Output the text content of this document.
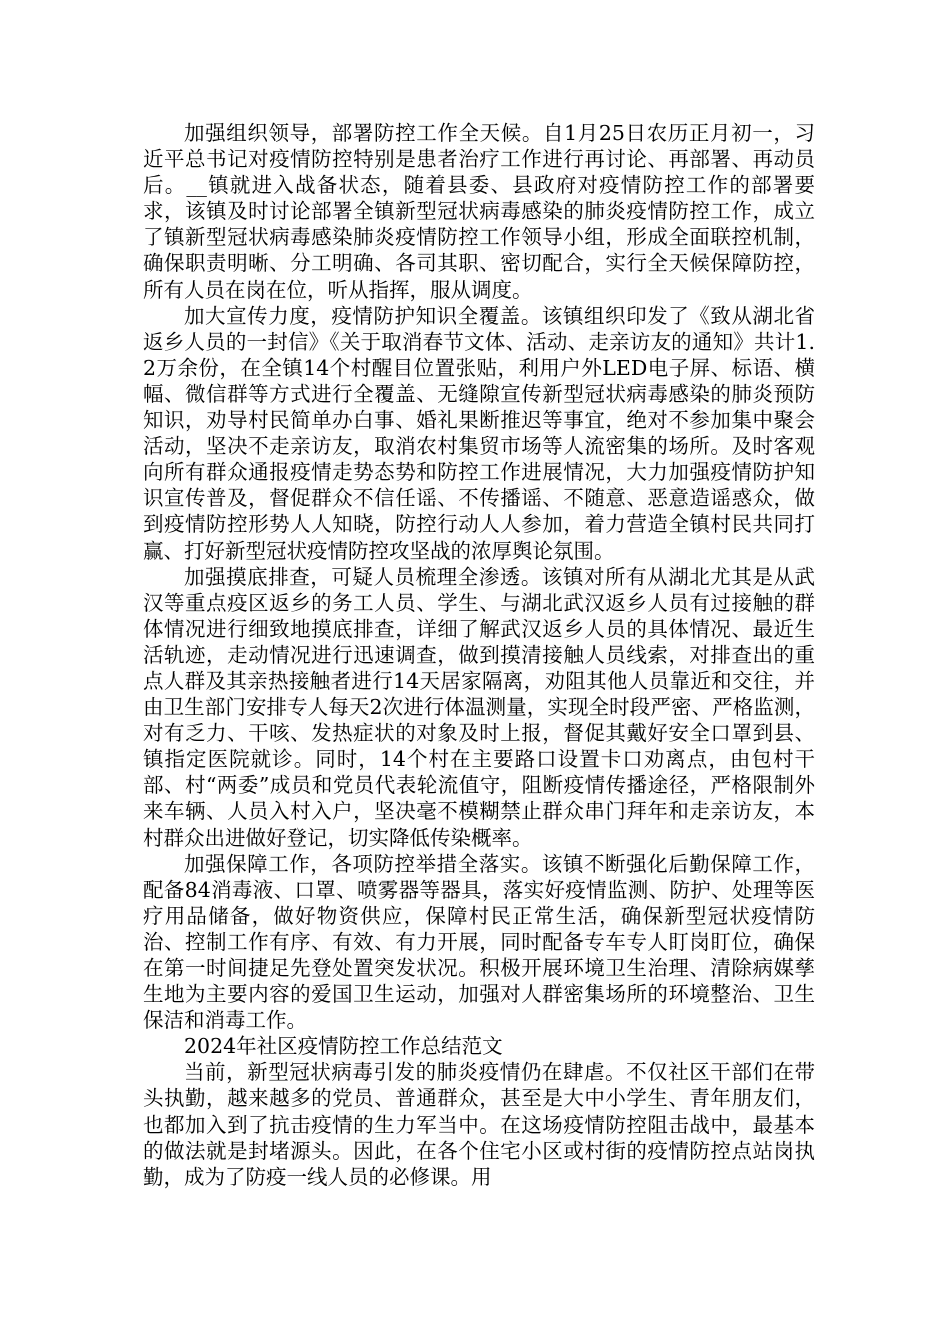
加强组织领导，部署防控工作全天候。自1月25日农历正月初一，习近平总书记对疫情防控特别是患者治疗工作进行再讨论、再部署、再动员后。__镇就进入战备状态，随着县委、县政府对疫情防控工作的部署要求，该镇及时讨论部署全镇新型冠状病毒感染的肺炎疫情防控工作，成立了镇新型冠状病毒感染肺炎疫情防控工作领导小组，形成全面联控机制，确保职责明晰、分工明确、各司其职、密切配合，实行全天候保障防控，所有人员在岗在位，听从指挥，服从调度。

加大宣传力度，疫情防护知识全覆盖。该镇组织印发了《致从湖北省返乡人员的一封信》《关于取消春节文体、活动、走亲访友的通知》共计1.2万余份，在全镇14个村醒目位置张贴，利用户外LED电子屏、标语、横幅、微信群等方式进行全覆盖、无缝隙宣传新型冠状病毒感染的肺炎预防知识，劝导村民简单办白事、婚礼果断推迟等事宜，绝对不参加集中聚会活动，坚决不走亲访友，取消农村集贸市场等人流密集的场所。及时客观向所有群众通报疫情走势态势和防控工作进展情况，大力加强疫情防护知识宣传普及，督促群众不信任谣、不传播谣、不随意、恶意造谣惑众，做到疫情防控形势人人知晓，防控行动人人参加，着力营造全镇村民共同打赢、打好新型冠状疫情防控攻坚战的浓厚舆论氛围。

加强摸底排查，可疑人员梳理全渗透。该镇对所有从湖北尤其是从武汉等重点疫区返乡的务工人员、学生、与湖北武汉返乡人员有过接触的群体情况进行细致地摸底排查，详细了解武汉返乡人员的具体情况、最近生活轨迹，走动情况进行迅速调查，做到摸清接触人员线索，对排查出的重点人群及其亲热接触者进行14天居家隔离，劝阻其他人员靠近和交往，并由卫生部门安排专人每天2次进行体温测量，实现全时段严密、严格监测，对有乏力、干咳、发热症状的对象及时上报，督促其戴好安全口罩到县、镇指定医院就诊。同时，14个村在主要路口设置卡口劝离点，由包村干部、村“两委”成员和党员代表轮流值守，阻断疫情传播途径，严格限制外来车辆、人员入村入户，坚决毫不模糊禁止群众串门拜年和走亲访友，本村群众出进做好登记，切实降低传染概率。

加强保障工作，各项防控举措全落实。该镇不断强化后勤保障工作，配备84消毒液、口罩、喷雾器等器具，落实好疫情监测、防护、处理等医疗用品储备，做好物资供应，保障村民正常生活，确保新型冠状疫情防治、控制工作有序、有效、有力开展，同时配备专车专人盯岗盯位，确保在第一时间捷足先登处置突发状况。积极开展环境卫生治理、清除病媒孳生地为主要内容的爱国卫生运动，加强对人群密集场所的环境整治、卫生保洁和消毒工作。

2024年社区疫情防控工作总结范文

当前，新型冠状病毒引发的肺炎疫情仍在肆虐。不仅社区干部们在带头执勤，越来越多的党员、普通群众，甚至是大中小学生、青年朋友们，也都加入到了抗击疫情的生力军当中。在这场疫情防控阻击战中，最基本的做法就是封堵源头。因此，在各个住宅小区或村街的疫情防控点站岗执勤，成为了防疫一线人员的必修课。用
